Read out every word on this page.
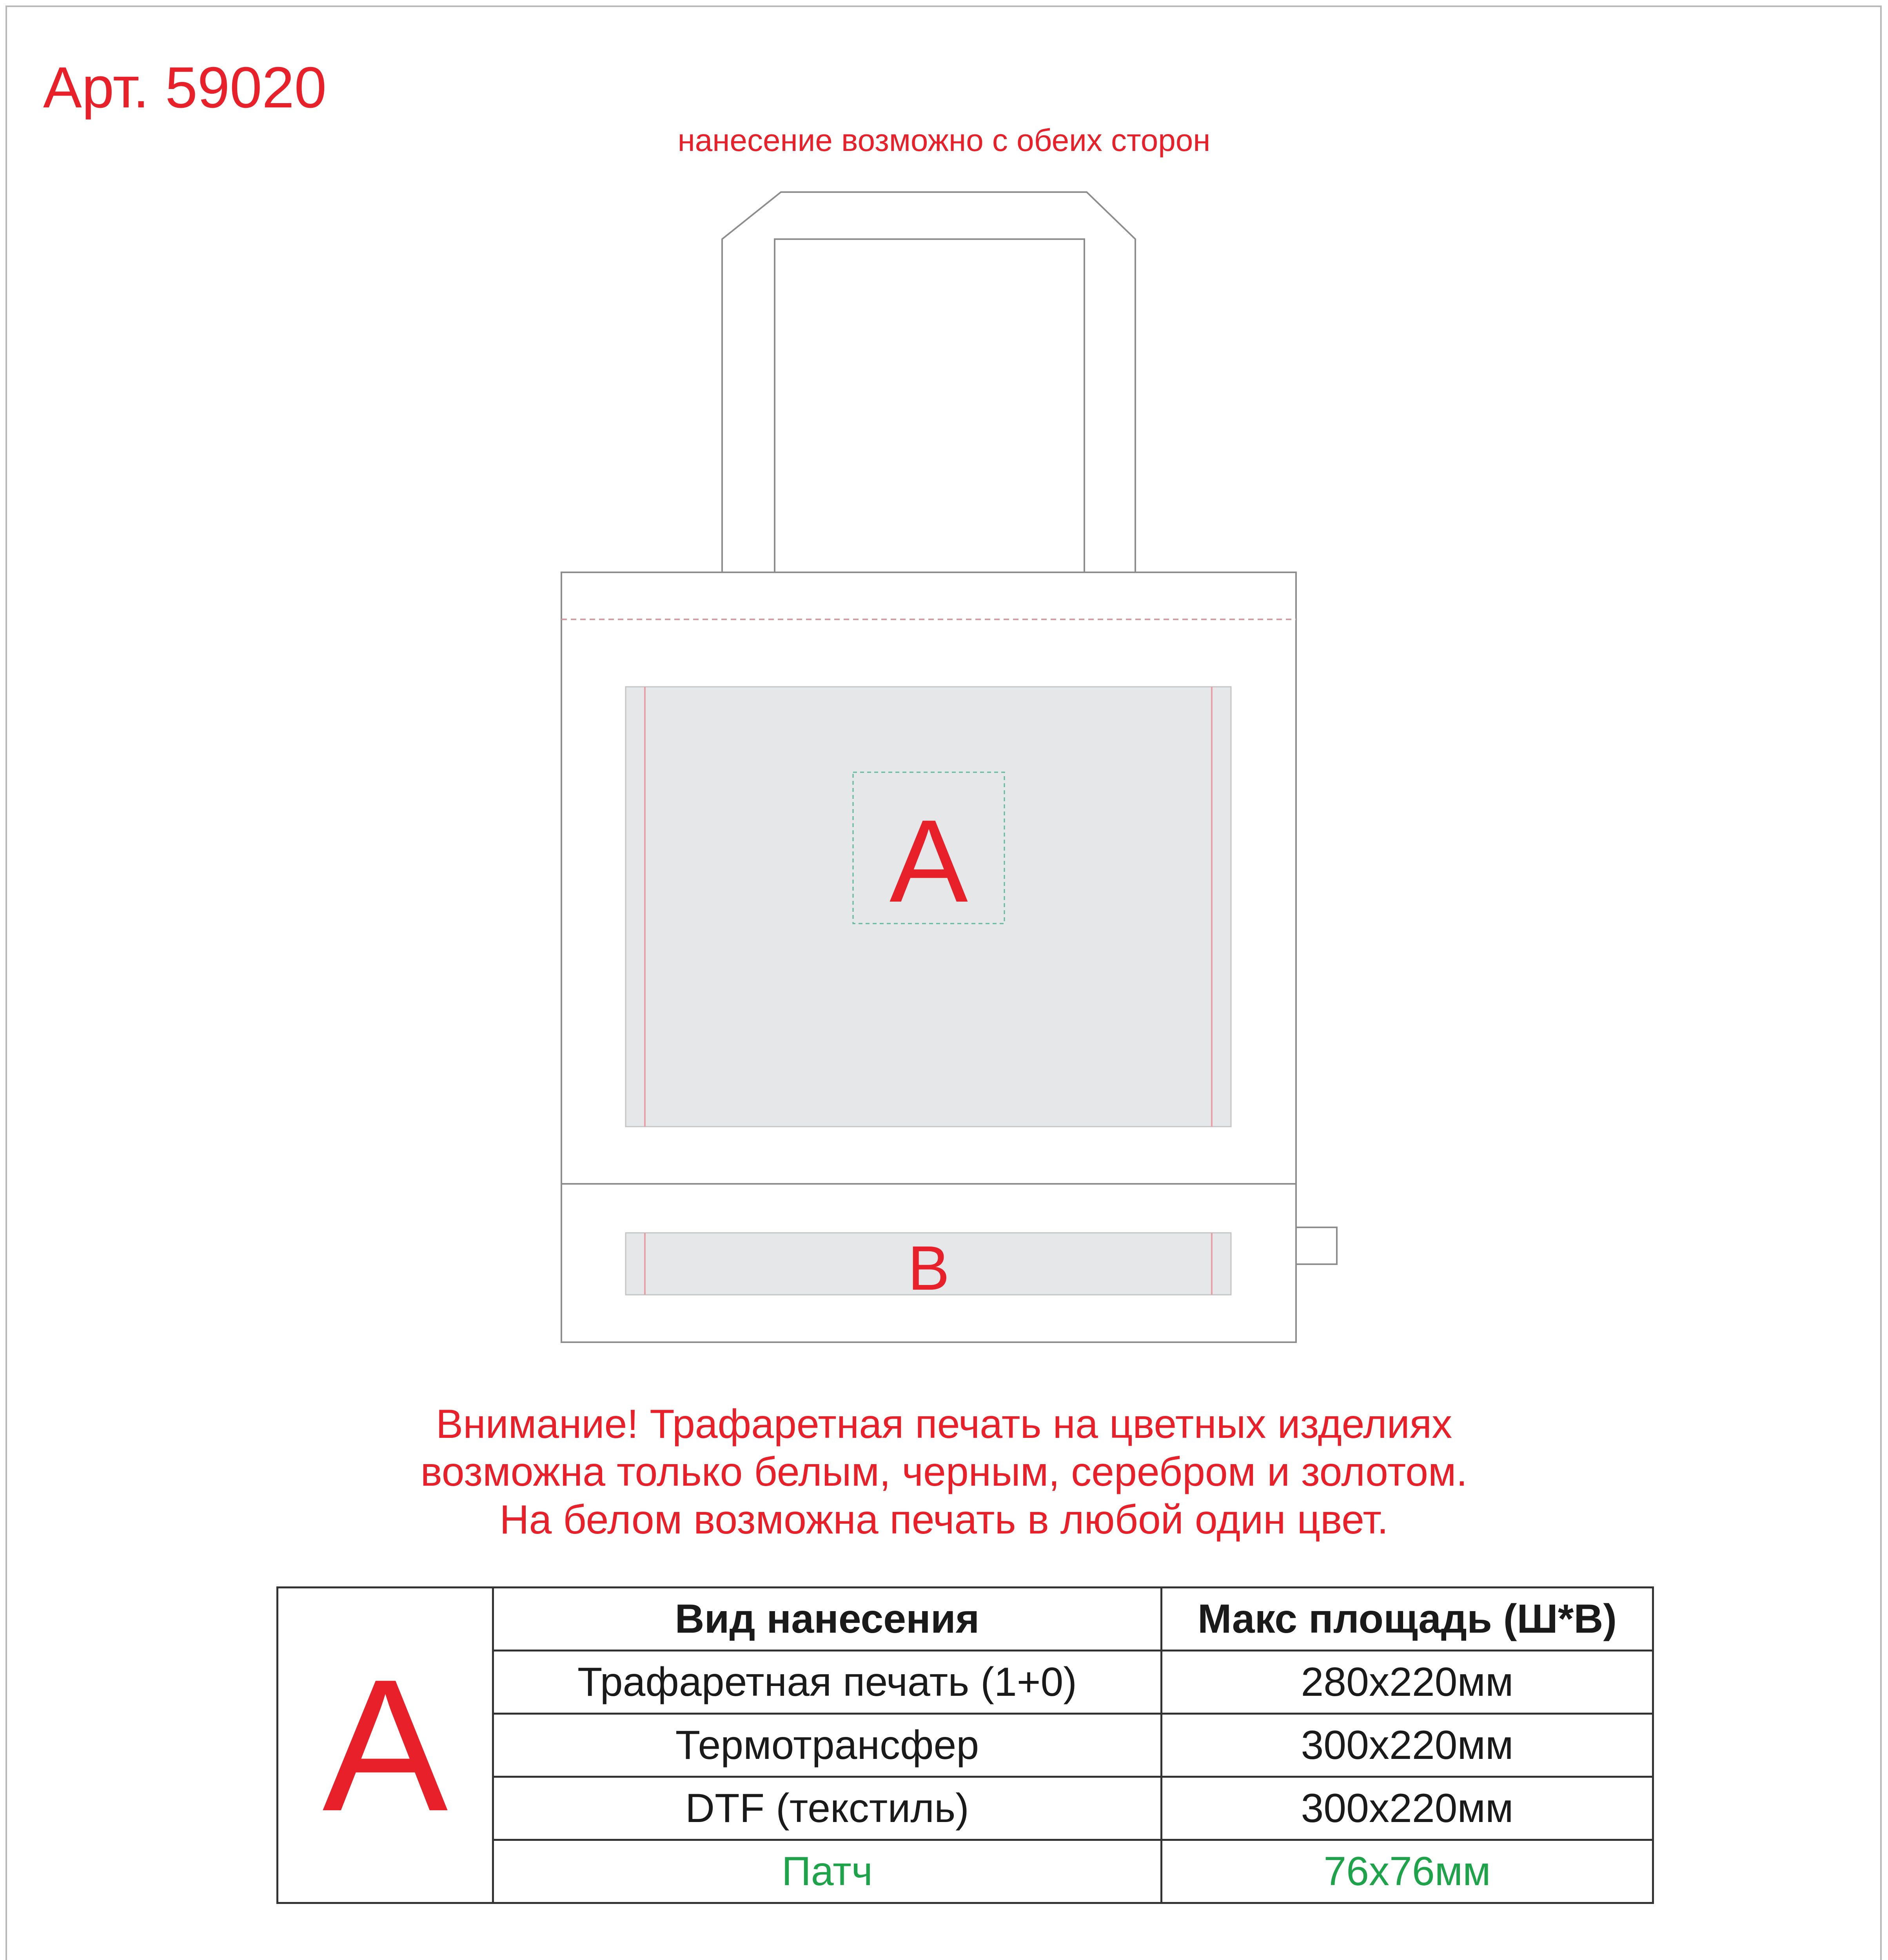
Арт. 59020
нанесение возможно с обеих сторон
A
B
Внимание! Трафаретная печать на цветных изделиях
возможна только белым, черным, серебром и золотом.
На белом возможна печать в любой один цвет.
A	Вид нанесения	Макс площадь (Ш*В)
	Трафаретная печать (1+0)	280x220мм
	Термотрансфер	300x220мм
	DTF (текстиль)	300x220мм
	Патч	76x76мм
